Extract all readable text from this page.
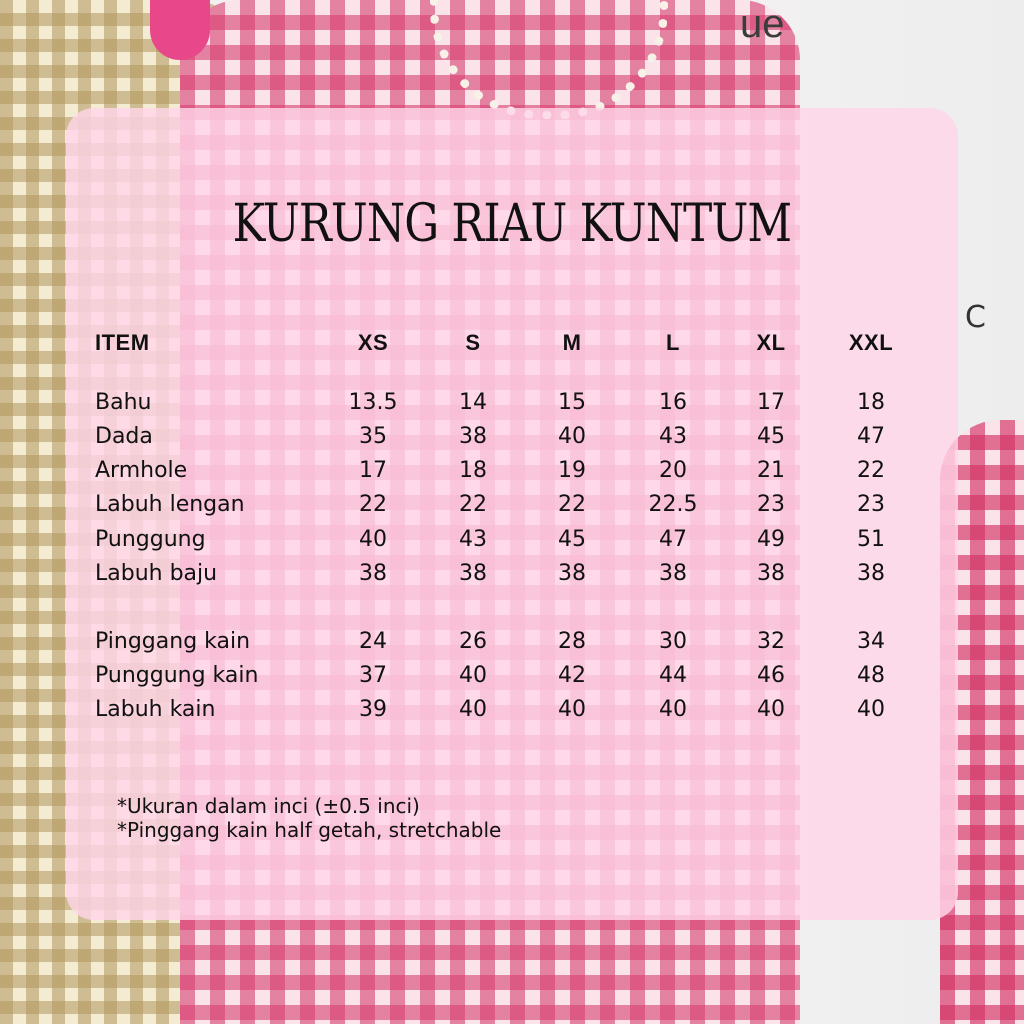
ue
C
KURUNG RIAU KUNTUM
ITEM	XS	S	M	L	XL	XXL
Bahu	13.5	14	15	16	17	18
Dada	35	38	40	43	45	47
Armhole	17	18	19	20	21	22
Labuh lengan	22	22	22	22.5	23	23
Punggung	40	43	45	47	49	51
Labuh baju	38	38	38	38	38	38
Pinggang kain	24	26	28	30	32	34
Punggung kain	37	40	42	44	46	48
Labuh kain	39	40	40	40	40	40
*Ukuran dalam inci (±0.5 inci)
*Pinggang kain half getah, stretchable
